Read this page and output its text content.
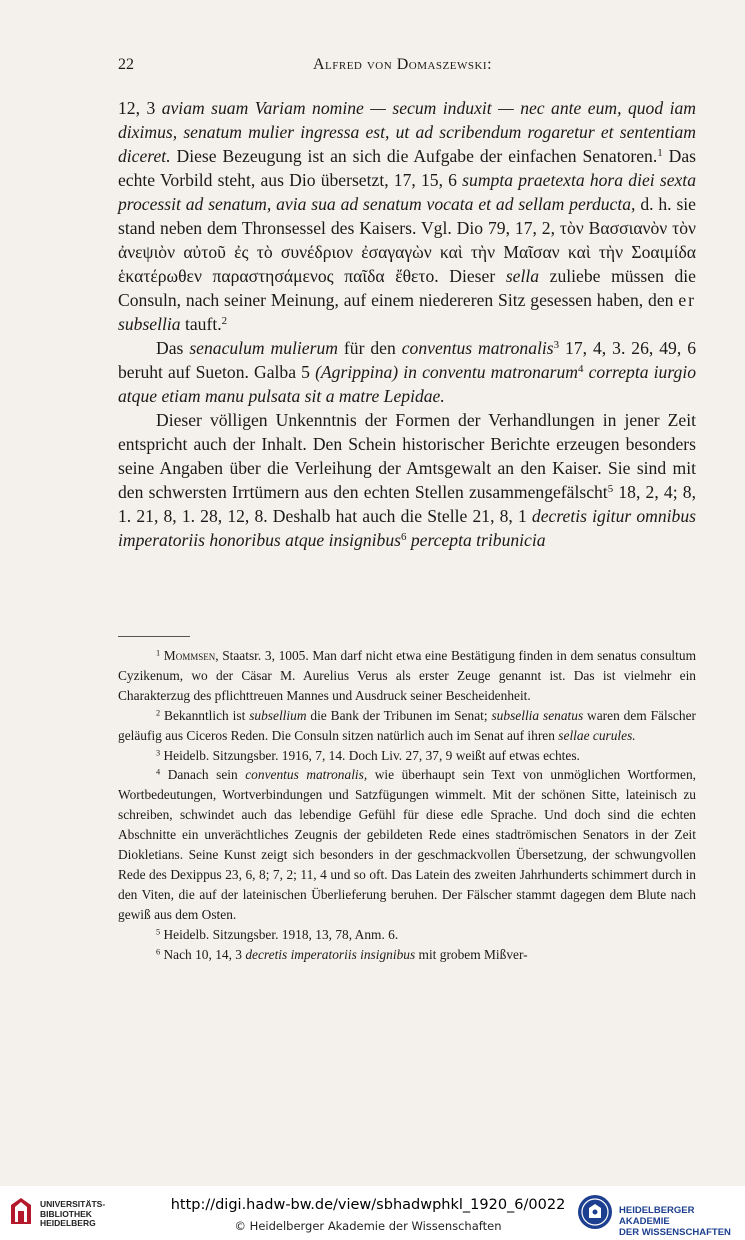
22	Alfred von Domaszewski:

12, 3 aviam suam Variam nomine — secum induxit — nec ante eum, quod iam diximus, senatum mulier ingressa est, ut ad scribendum rogaretur et sententiam diceret. Diese Bezeugung ist an sich die Aufgabe der einfachen Senatoren.$^1$ Das echte Vorbild steht, aus Dio übersetzt, 17, 15, 6 sumpta praetexta hora diei sexta processit ad senatum, avia sua ad senatum vocata et ad sellam perducta, d. h. sie stand neben dem Thronsessel des Kaisers. Vgl. Dio 79, 17, 2, τὸν Βασσιανὸν τὸν ἀνεψιὸν αὐτοῦ ἐς τὸ συνέδριον ἐσαγαγὼν καὶ τὴν Μαῖσαν καὶ τὴν Σοαιμίδα ἑκατέρωθεν παραστησάμενος παῖδα ἔθετο. Dieser sella zuliebe müssen die Consuln, nach seiner Meinung, auf einem niedereren Sitz gesessen haben, den er subsellia tauft.$^2$

Das senaculum mulierum für den conventus matronalis$^3$ 17, 4, 3. 26, 49, 6 beruht auf Sueton. Galba 5 (Agrippina) in conventu matronarum$^4$ correpta iurgio atque etiam manu pulsata sit a matre Lepidae.

Dieser völligen Unkenntnis der Formen der Verhandlungen in jener Zeit entspricht auch der Inhalt. Den Schein historischer Berichte erzeugen besonders seine Angaben über die Verleihung der Amtsgewalt an den Kaiser. Sie sind mit den schwersten Irrtümern aus den echten Stellen zusammengefälscht$^5$ 18, 2, 4; 8, 1. 21, 8, 1. 28, 12, 8. Deshalb hat auch die Stelle 21, 8, 1 decretis igitur omnibus imperatoriis honoribus atque insignibus$^6$ percepta tribunicia

$^1$ Mommsen, Staatsr. 3, 1005. Man darf nicht etwa eine Bestätigung finden in dem senatus consultum Cyzikenum, wo der Cäsar M. Aurelius Verus als erster Zeuge genannt ist. Das ist vielmehr ein Charakterzug des pflichttreuen Mannes und Ausdruck seiner Bescheidenheit.

$^2$ Bekanntlich ist subsellium die Bank der Tribunen im Senat; subsellia senatus waren dem Fälscher geläufig aus Ciceros Reden. Die Consuln sitzen natürlich auch im Senat auf ihren sellae curules.

$^3$ Heidelb. Sitzungsber. 1916, 7, 14. Doch Liv. 27, 37, 9 weißt auf etwas echtes.

$^4$ Danach sein conventus matronalis, wie überhaupt sein Text von unmöglichen Wortformen, Wortbedeutungen, Wortverbindungen und Satzfügungen wimmelt. Mit der schönen Sitte, lateinisch zu schreiben, schwindet auch das lebendige Gefühl für diese edle Sprache. Und doch sind die echten Abschnitte ein unverächtliches Zeugnis der gebildeten Rede eines stadtrömischen Senators in der Zeit Diokletians. Seine Kunst zeigt sich besonders in der geschmackvollen Übersetzung, der schwungvollen Rede des Dexippus 23, 6, 8; 7, 2; 11, 4 und so oft. Das Latein des zweiten Jahrhunderts schimmert durch in den Viten, die auf der lateinischen Überlieferung beruhen. Der Fälscher stammt dagegen dem Blute nach gewiß aus dem Osten.

$^5$ Heidelb. Sitzungsber. 1918, 13, 78, Anm. 6.

$^6$ Nach 10, 14, 3 decretis imperatoriis insignibus mit grobem Mißver-

UNIVERSITÄTS-
BIBLIOTHEK
HEIDELBERG
http://digi.hadw-bw.de/view/sbhadwphkl_1920_6/0022
© Heidelberger Akademie der Wissenschaften
HEIDELBERGER AKADEMIE
DER WISSENSCHAFTEN
